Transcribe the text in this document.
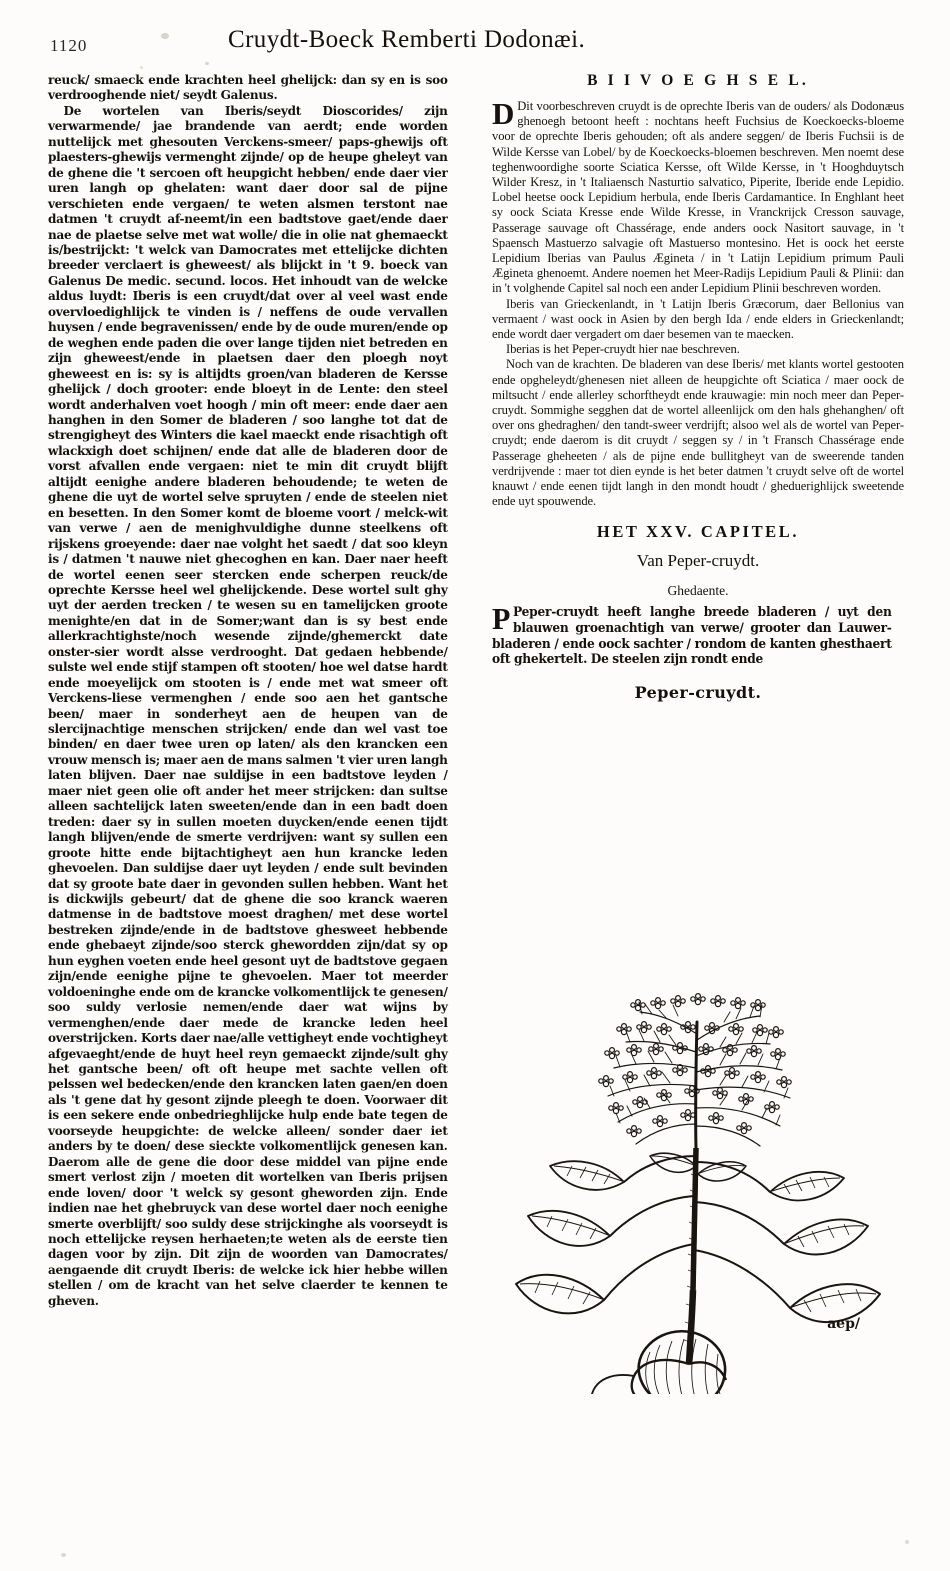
1120	Cruydt-Boeck Remberti Dodonæi.

reuck/ smaeck ende krachten heel ghelijck: dan sy en is soo verdrooghende niet/ seydt Galenus.

De wortelen van Iberis/seydt Dioscorides/ zijn verwarmende/ jae brandende van aerdt; ende worden nuttelijck met ghesouten Verckens-smeer/ paps-ghewijs oft plaesters-ghewijs vermenght zijnde/ op de heupe gheleyt van de ghene die 't sercoen oft heupgicht hebben/ ende daer vier uren langh op ghelaten: want daer door sal de pijne verschieten ende vergaen/ te weten alsmen terstont nae datmen 't cruydt af-neemt/in een badtstove gaet/ende daer nae de plaetse selve met wat wolle/ die in olie nat ghemaeckt is/bestrijckt: 't welck van Damocrates met ettelijcke dichten breeder verclaert is gheweest/ als blijckt in 't 9. boeck van Galenus De medic. secund. locos. Het inhoudt van de welcke aldus luydt: Iberis is een cruydt/dat over al veel wast ende overvloedighlijck te vinden is / neffens de oude vervallen huysen / ende begravenissen/ ende by de oude muren/ende op de weghen ende paden die over lange tijden niet betreden en zijn gheweest/ende in plaetsen daer den ploegh noyt gheweest en is: sy is altijdts groen/van bladeren de Kersse ghelijck / doch grooter: ende bloeyt in de Lente: den steel wordt anderhalven voet hoogh / min oft meer: ende daer aen hanghen in den Somer de bladeren / soo langhe tot dat de strengigheyt des Winters die kael maeckt ende risachtigh oft wlackxigh doet schijnen/ ende dat alle de bladeren door de vorst afvallen ende vergaen: niet te min dit cruydt blijft altijdt eenighe andere bladeren behoudende; te weten de ghene die uyt de wortel selve spruyten / ende de steelen niet en besetten. In den Somer komt de bloeme voort / melck-wit van verwe / aen de menighvuldighe dunne steelkens oft rijskens groeyende: daer nae volght het saedt / dat soo kleyn is / datmen 't nauwe niet ghecoghen en kan. Daer naer heeft de wortel eenen seer stercken ende scherpen reuck/de oprechte Kersse heel wel ghelijckende. Dese wortel sult ghy uyt der aerden trecken / te wesen su en tamelijcken groote menighte/en dat in de Somer;want dan is sy best ende allerkrachtighste/noch wesende zijnde/ghemerckt date onster-sier wordt alsse verdrooght. Dat gedaen hebbende/ sulste wel ende stijf stampen oft stooten/ hoe wel datse hardt ende moeyelijck om stooten is / ende met wat smeer oft Verckens-liese vermenghen / ende soo aen het gantsche been/ maer in sonderheyt aen de heupen van de slercijnachtige menschen strijcken/ ende dan wel vast toe binden/ en daer twee uren op laten/ als den krancken een vrouw mensch is; maer aen de mans salmen 't vier uren langh laten blijven. Daer nae suldijse in een badtstove leyden / maer niet geen olie oft ander het meer strijcken: dan sultse alleen sachtelijck laten sweeten/ende dan in een badt doen treden: daer sy in sullen moeten duycken/ende eenen tijdt langh blijven/ende de smerte verdrijven: want sy sullen een groote hitte ende bijtachtigheyt aen hun krancke leden ghevoelen. Dan suldijse daer uyt leyden / ende sult bevinden dat sy groote bate daer in gevonden sullen hebben. Want het is dickwijls gebeurt/ dat de ghene die soo kranck waeren datmense in de badtstove moest draghen/ met dese wortel bestreken zijnde/ende in de badtstove ghesweet hebbende ende ghebaeyt zijnde/soo sterck ghewordden zijn/dat sy op hun eyghen voeten ende heel gesont uyt de badtstove gegaen zijn/ende eenighe pijne te ghevoelen. Maer tot meerder voldoeninghe ende om de krancke volkomentlijck te genesen/ soo suldy verlosie nemen/ende daer wat wijns by vermenghen/ende daer mede de krancke leden heel overstrijcken. Korts daer nae/alle vettigheyt ende vochtigheyt afgevaeght/ende de huyt heel reyn gemaeckt zijnde/sult ghy het gantsche been/ oft oft heupe met sachte vellen oft pelssen wel bedecken/ende den krancken laten gaen/en doen als 't gene dat hy gesont zijnde pleegh te doen. Voorwaer dit is een sekere ende onbedrieghlijcke hulp ende bate tegen de voorseyde heupgichte: de welcke alleen/ sonder daer iet anders by te doen/ dese sieckte volkomentlijck genesen kan. Daerom alle de gene die door dese middel van pijne ende smert verlost zijn / moeten dit wortelken van Iberis prijsen ende loven/ door 't welck sy gesont gheworden zijn. Ende indien nae het ghebruyck van dese wortel daer noch eenighe smerte overblijft/ soo suldy dese strijckinghe als voorseydt is noch ettelijcke reysen herhaeten;te weten als de eerste tien dagen voor by zijn. Dit zijn de woorden van Damocrates/ aengaende dit cruydt Iberis: de welcke ick hier hebbe willen stellen / om de kracht van het selve claerder te kennen te gheven.

B I I V O E G H S E L.

D Dit voorbeschreven cruydt is de oprechte Iberis van de ouders/ als Dodonæus ghenoegh betoont heeft : nochtans heeft Fuchsius de Koeckoecks-bloeme voor de oprechte Iberis gehouden; oft als andere seggen/ de Iberis Fuchsii is de Wilde Kersse van Lobel/ by de Koeckoecks-bloemen beschreven. Men noemt dese teghenwoordighe soorte Sciatica Kersse, oft Wilde Kersse, in 't Hooghduytsch Wilder Kresz, in 't Italiaensch Nasturtio salvatico, Piperite, Iberide ende Lepidio. Lobel heetse oock Lepidium herbula, ende Iberis Cardamantice. In Enghlant heet sy oock Sciata Kresse ende Wilde Kresse, in Vranckrijck Cresson sauvage, Passerage sauvage oft Chassérage, ende anders oock Nasitort sauvage, in 't Spaensch Mastuerzo salvagie oft Mastuerso montesino. Het is oock het eerste Lepidium Iberias van Paulus Ægineta / in 't Latijn Lepidium primum Pauli Ægineta ghenoemt. Andere noemen het Meer-Radijs Lepidium Pauli & Plinii: dan in 't volghende Capitel sal noch een ander Lepidium Plinii beschreven worden.

Iberis van Grieckenlandt, in 't Latijn Iberis Græcorum, daer Bellonius van vermaent / wast oock in Asien by den bergh Ida / ende elders in Grieckenlandt; ende wordt daer vergadert om daer besemen van te maecken.

Iberias is het Peper-cruydt hier nae beschreven.

Noch van de krachten. De bladeren van dese Iberis/ met klants wortel gestooten ende opgheleydt/ghenesen niet alleen de heupgichte oft Sciatica / maer oock de miltsucht / ende allerley schorftheydt ende krauwagie: min noch meer dan Peper-cruydt. Sommighe segghen dat de wortel alleenlijck om den hals ghehanghen/ oft over ons ghedraghen/ den tandt-sweer verdrijft; alsoo wel als de wortel van Peper-cruydt; ende daerom is dit cruydt / seggen sy / in 't Fransch Chassérage ende Passerage gheheeten / als de pijne ende bullitgheyt van de sweerende tanden verdrijvende : maer tot dien eynde is het beter datmen 't cruydt selve oft de wortel knauwt / ende eenen tijdt langh in den mondt houdt / gheduerighlijck sweetende ende uyt spouwende.

HET XXV. CAPITEL.
Van Peper-cruydt.
Ghedaente.

P Peper-cruydt heeft langhe breede bladeren / uyt den blauwen groenachtigh van verwe/ grooter dan Lauwer-bladeren / ende oock sachter / rondom de kanten ghesthaert oft ghekertelt. De steelen zijn rondt ende

Peper-cruydt.
aep/
